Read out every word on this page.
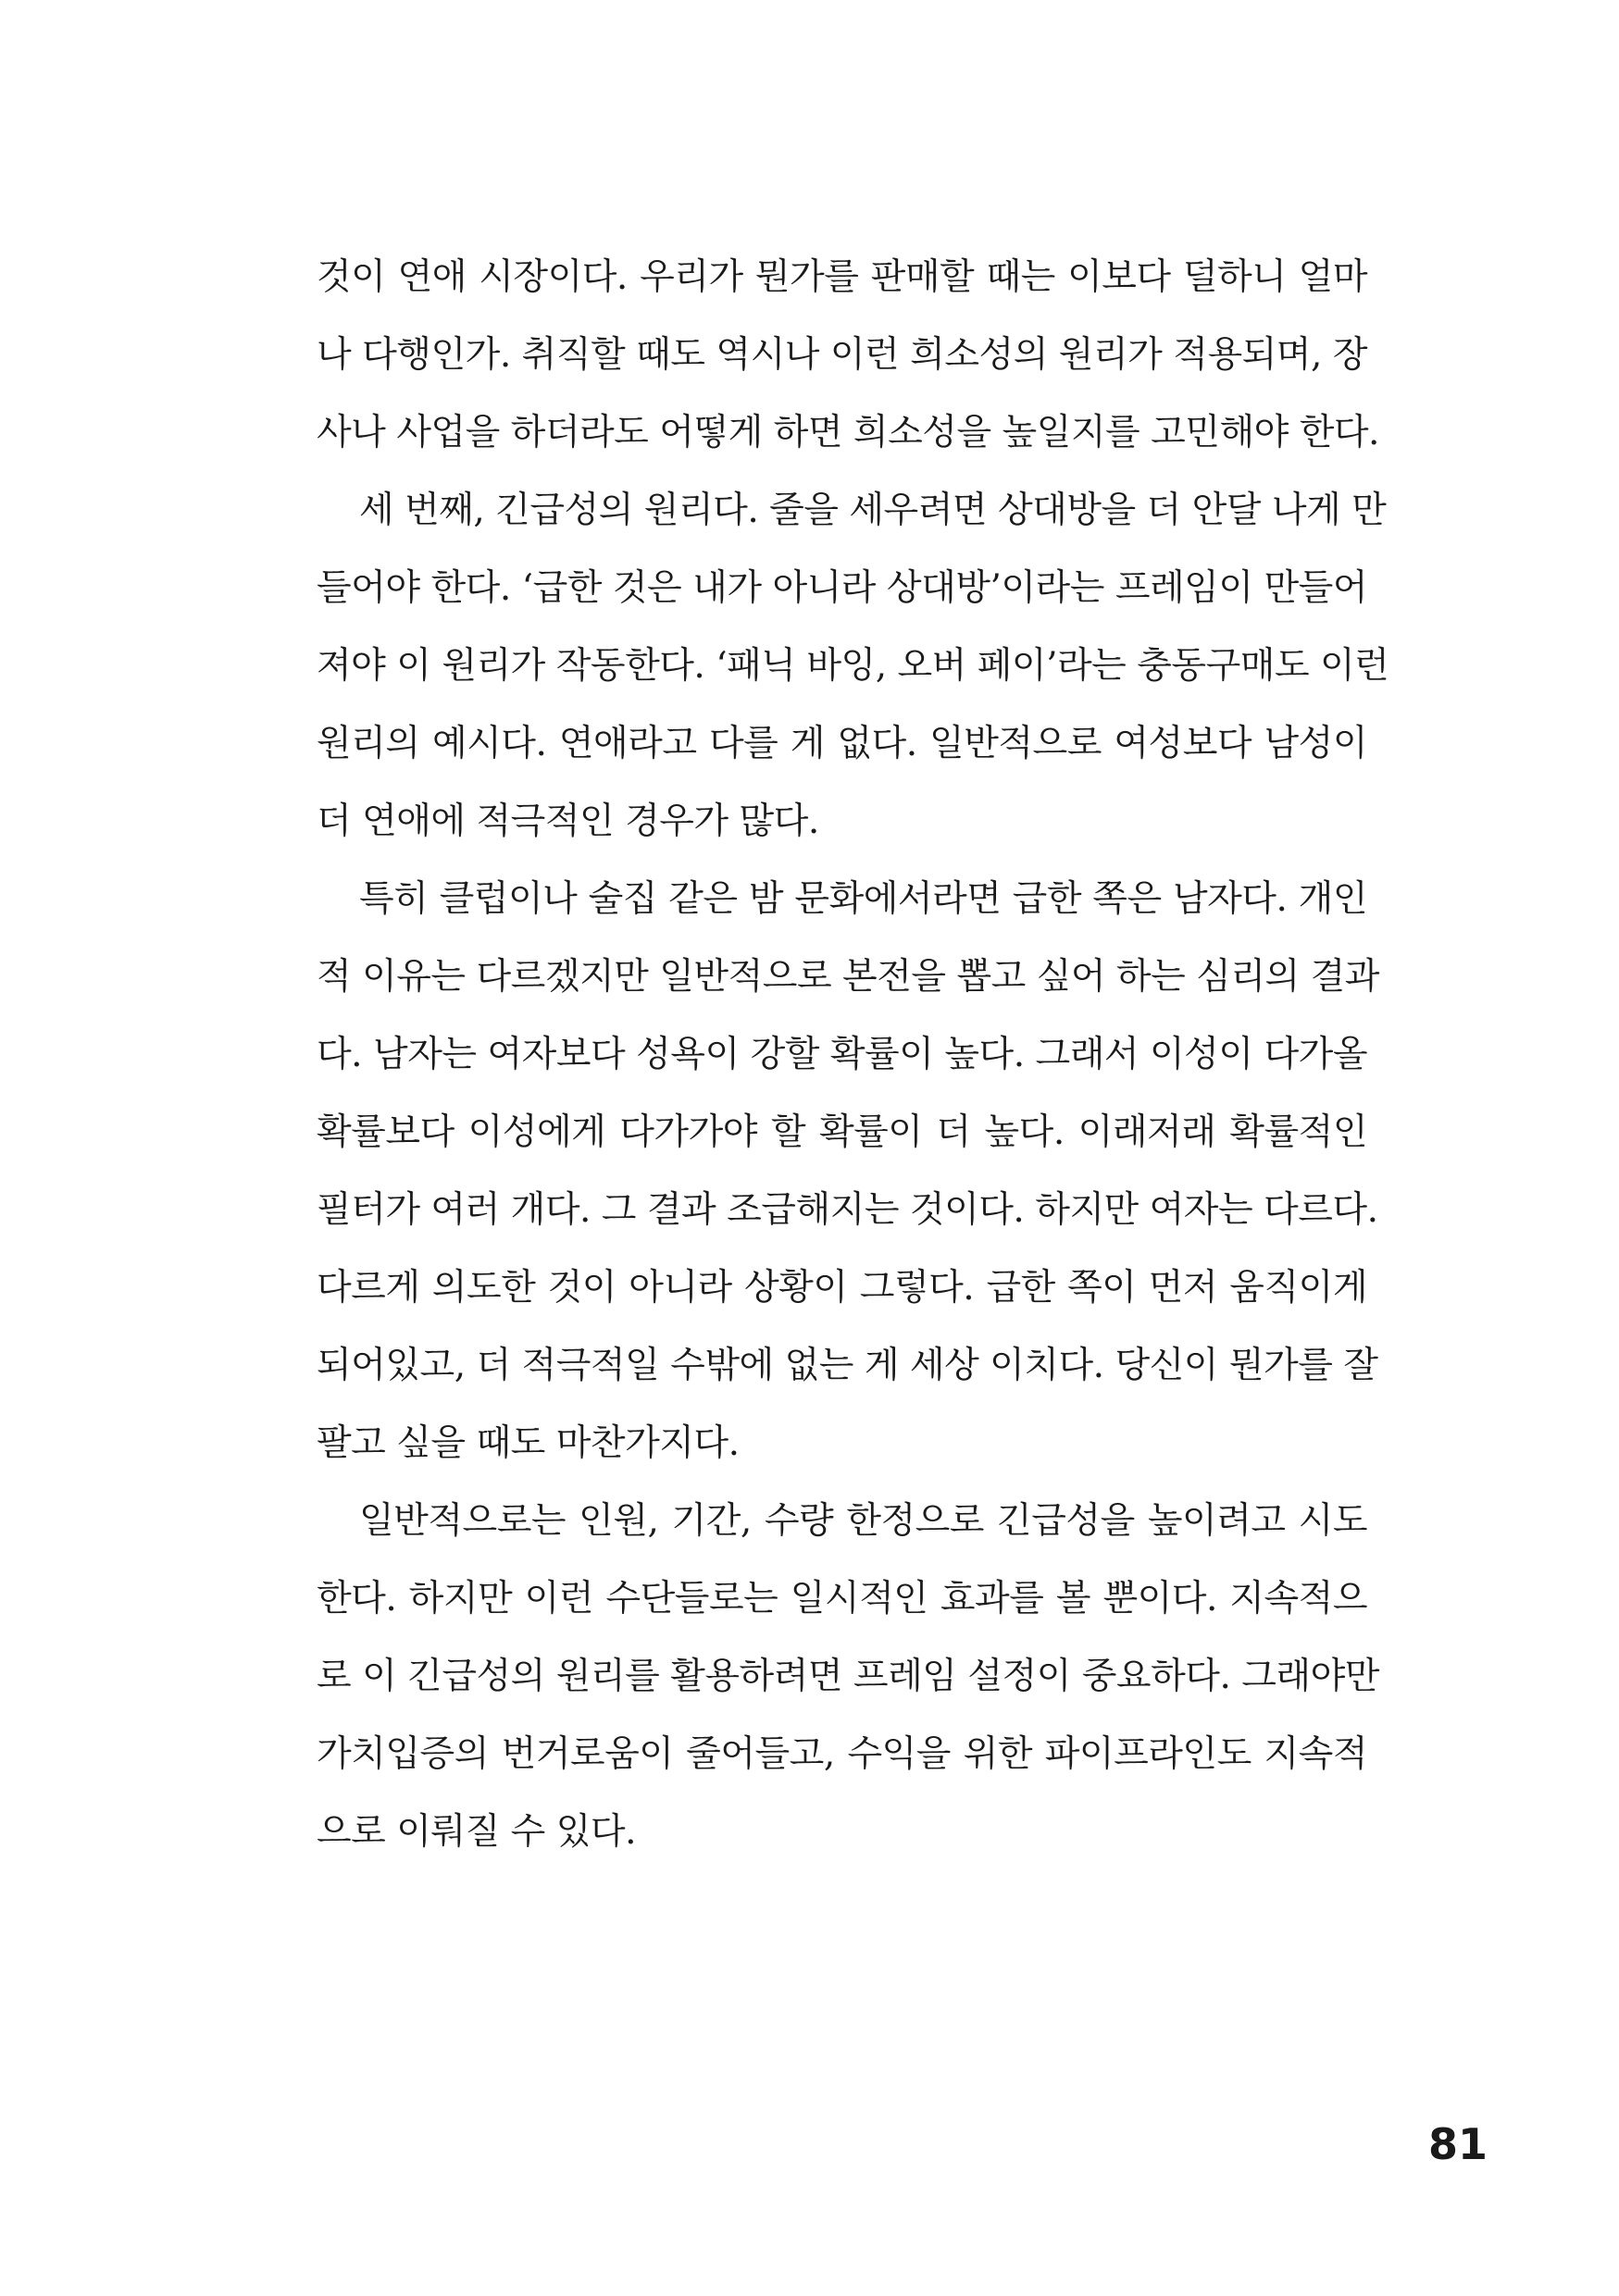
것이 연애 시장이다. 우리가 뭔가를 판매할 때는 이보다 덜하니 얼마
나 다행인가. 취직할 때도 역시나 이런 희소성의 원리가 적용되며, 장
사나 사업을 하더라도 어떻게 하면 희소성을 높일지를 고민해야 한다.
세 번째, 긴급성의 원리다. 줄을 세우려면 상대방을 더 안달 나게 만
들어야 한다. ‘급한 것은 내가 아니라 상대방’이라는 프레임이 만들어
져야 이 원리가 작동한다. ‘패닉 바잉, 오버 페이’라는 충동구매도 이런
원리의 예시다. 연애라고 다를 게 없다. 일반적으로 여성보다 남성이
더 연애에 적극적인 경우가 많다.
특히 클럽이나 술집 같은 밤 문화에서라면 급한 쪽은 남자다. 개인
적 이유는 다르겠지만 일반적으로 본전을 뽑고 싶어 하는 심리의 결과
다. 남자는 여자보다 성욕이 강할 확률이 높다. 그래서 이성이 다가올
확률보다 이성에게 다가가야 할 확률이 더 높다. 이래저래 확률적인
필터가 여러 개다. 그 결과 조급해지는 것이다. 하지만 여자는 다르다.
다르게 의도한 것이 아니라 상황이 그렇다. 급한 쪽이 먼저 움직이게
되어있고, 더 적극적일 수밖에 없는 게 세상 이치다. 당신이 뭔가를 잘
팔고 싶을 때도 마찬가지다.
일반적으로는 인원, 기간, 수량 한정으로 긴급성을 높이려고 시도
한다. 하지만 이런 수단들로는 일시적인 효과를 볼 뿐이다. 지속적으
로 이 긴급성의 원리를 활용하려면 프레임 설정이 중요하다. 그래야만
가치입증의 번거로움이 줄어들고, 수익을 위한 파이프라인도 지속적
으로 이뤄질 수 있다.
81
